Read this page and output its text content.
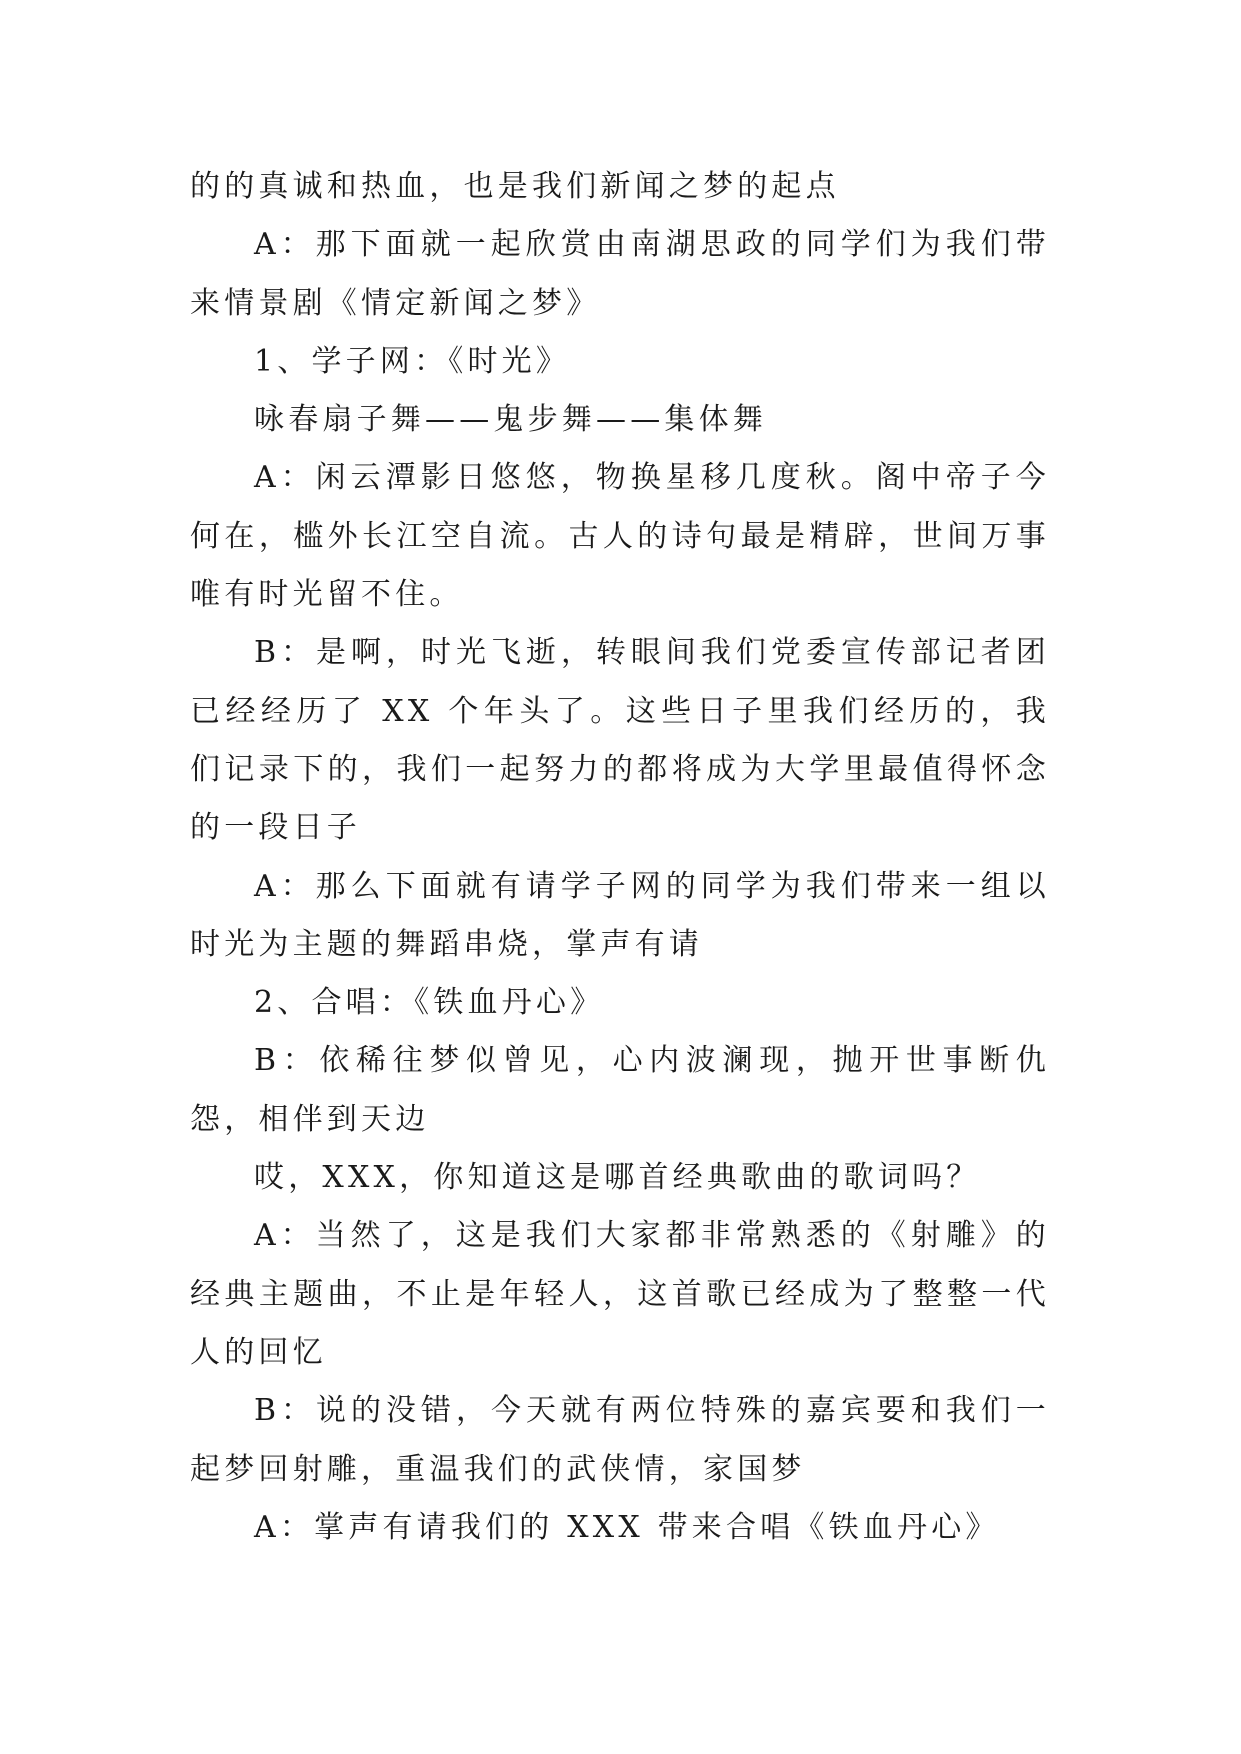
的的真诚和热血，也是我们新闻之梦的起点

A：那下面就一起欣赏由南湖思政的同学们为我们带来情景剧《情定新闻之梦》

1、学子网：《时光》

咏春扇子舞——鬼步舞——集体舞

A：闲云潭影日悠悠，物换星移几度秋。阁中帝子今何在，槛外长江空自流。古人的诗句最是精辟，世间万事唯有时光留不住。

B：是啊，时光飞逝，转眼间我们党委宣传部记者团已经经历了 XX 个年头了。这些日子里我们经历的，我们记录下的，我们一起努力的都将成为大学里最值得怀念的一段日子

A：那么下面就有请学子网的同学为我们带来一组以时光为主题的舞蹈串烧，掌声有请

2、合唱：《铁血丹心》

B：依稀往梦似曾见，心内波澜现，抛开世事断仇怨，相伴到天边

哎，XXX，你知道这是哪首经典歌曲的歌词吗？

A：当然了，这是我们大家都非常熟悉的《射雕》的经典主题曲，不止是年轻人，这首歌已经成为了整整一代人的回忆

B：说的没错，今天就有两位特殊的嘉宾要和我们一起梦回射雕，重温我们的武侠情，家国梦

A：掌声有请我们的 XXX 带来合唱《铁血丹心》
